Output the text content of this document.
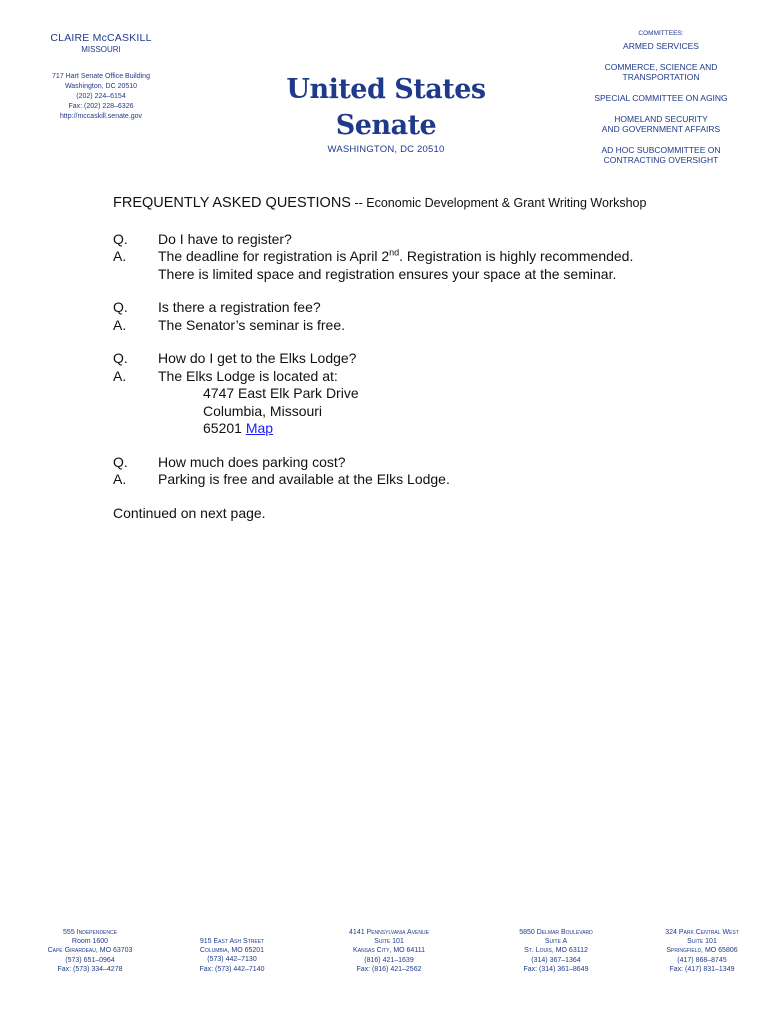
CLAIRE McCASKILL
MISSOURI
717 Hart Senate Office Building
Washington, DC 20510
(202) 224–6154
Fax: (202) 228–6326
http://mccaskill.senate.gov
United States Senate
WASHINGTON, DC 20510
COMMITTEES:
ARMED SERVICES
COMMERCE, SCIENCE AND
TRANSPORTATION
SPECIAL COMMITTEE ON AGING
HOMELAND SECURITY
AND GOVERNMENT AFFAIRS
AD HOC SUBCOMMITTEE ON
CONTRACTING OVERSIGHT
FREQUENTLY ASKED QUESTIONS -- Economic Development & Grant Writing Workshop
Q.	Do I have to register?
A.	The deadline for registration is April 2nd. Registration is highly recommended. There is limited space and registration ensures your space at the seminar.
Q.	Is there a registration fee?
A.	The Senator’s seminar is free.
Q.	How do I get to the Elks Lodge?
A.	The Elks Lodge is located at:
4747 East Elk Park Drive
Columbia, Missouri
65201 Map
Q.	How much does parking cost?
A.	Parking is free and available at the Elks Lodge.
Continued on next page.
555 Independence
Room 1600
Cape Girardeau, MO 63703
(573) 651–0964
Fax: (573) 334–4278
915 East Ash Street
Columbia, MO 65201
(573) 442–7130
Fax: (573) 442–7140
4141 Pennsylvania Avenue
Suite 101
Kansas City, MO 64111
(816) 421–1639
Fax: (816) 421–2562
5850 Delmar Boulevard
Suite A
St. Louis, MO 63112
(314) 367–1364
Fax: (314) 361–8649
324 Park Central West
Suite 101
Springfield, MO 65806
(417) 868–8745
Fax: (417) 831–1349
